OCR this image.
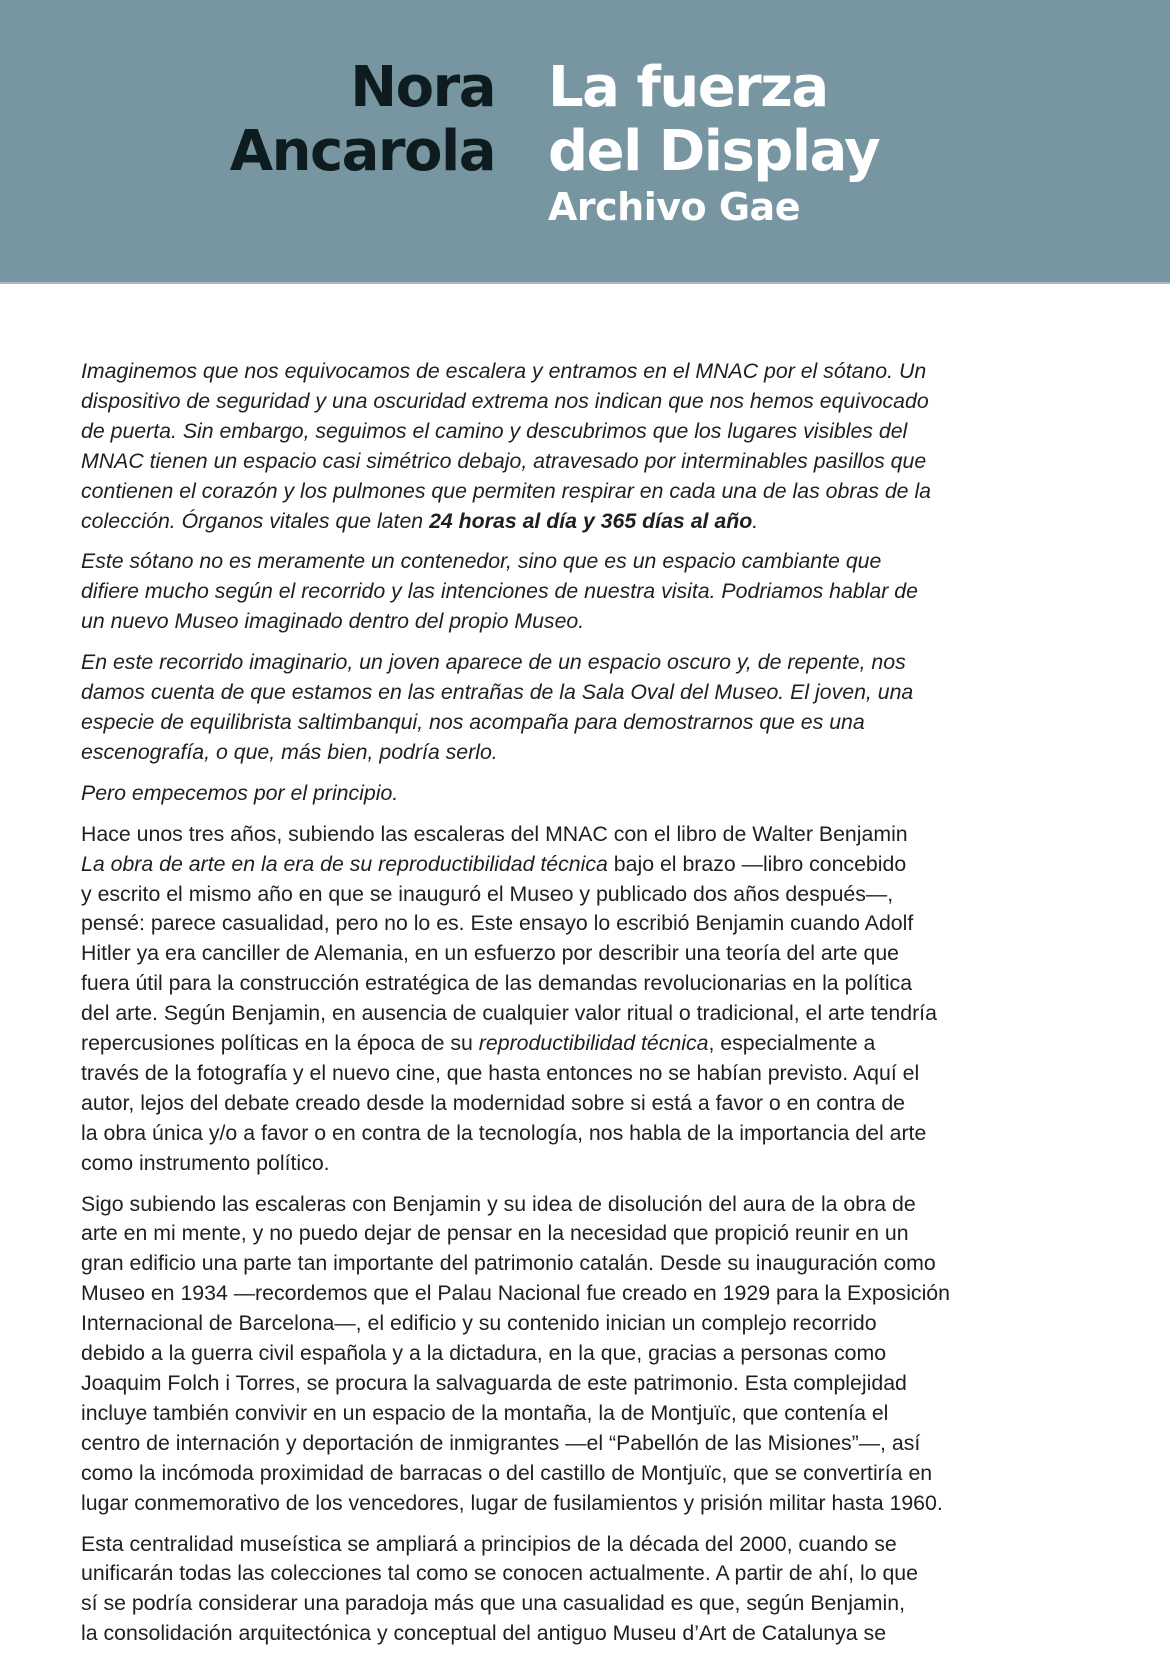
Nora
Ancarola
La fuerza
del Display
Archivo Gae

Imaginemos que nos equivocamos de escalera y entramos en el MNAC por el sótano. Un
dispositivo de seguridad y una oscuridad extrema nos indican que nos hemos equivocado
de puerta. Sin embargo, seguimos el camino y descubrimos que los lugares visibles del
MNAC tienen un espacio casi simétrico debajo, atravesado por interminables pasillos que
contienen el corazón y los pulmones que permiten respirar en cada una de las obras de la
colección. Órganos vitales que laten 24 horas al día y 365 días al año.

Este sótano no es meramente un contenedor, sino que es un espacio cambiante que
difiere mucho según el recorrido y las intenciones de nuestra visita. Podriamos hablar de
un nuevo Museo imaginado dentro del propio Museo.

En este recorrido imaginario, un joven aparece de un espacio oscuro y, de repente, nos
damos cuenta de que estamos en las entrañas de la Sala Oval del Museo. El joven, una
especie de equilibrista saltimbanqui, nos acompaña para demostrarnos que es una
escenografía, o que, más bien, podría serlo.

Pero empecemos por el principio.

Hace unos tres años, subiendo las escaleras del MNAC con el libro de Walter Benjamin
La obra de arte en la era de su reproductibilidad técnica bajo el brazo —libro concebido
y escrito el mismo año en que se inauguró el Museo y publicado dos años después—,
pensé: parece casualidad, pero no lo es. Este ensayo lo escribió Benjamin cuando Adolf
Hitler ya era canciller de Alemania, en un esfuerzo por describir una teoría del arte que
fuera útil para la construcción estratégica de las demandas revolucionarias en la política
del arte. Según Benjamin, en ausencia de cualquier valor ritual o tradicional, el arte tendría
repercusiones políticas en la época de su reproductibilidad técnica, especialmente a
través de la fotografía y el nuevo cine, que hasta entonces no se habían previsto. Aquí el
autor, lejos del debate creado desde la modernidad sobre si está a favor o en contra de
la obra única y/o a favor o en contra de la tecnología, nos habla de la importancia del arte
como instrumento político.

Sigo subiendo las escaleras con Benjamin y su idea de disolución del aura de la obra de
arte en mi mente, y no puedo dejar de pensar en la necesidad que propició reunir en un
gran edificio una parte tan importante del patrimonio catalán. Desde su inauguración como
Museo en 1934 —recordemos que el Palau Nacional fue creado en 1929 para la Exposición
Internacional de Barcelona—, el edificio y su contenido inician un complejo recorrido
debido a la guerra civil española y a la dictadura, en la que, gracias a personas como
Joaquim Folch i Torres, se procura la salvaguarda de este patrimonio. Esta complejidad
incluye también convivir en un espacio de la montaña, la de Montjuïc, que contenía el
centro de internación y deportación de inmigrantes —el “Pabellón de las Misiones”—, así
como la incómoda proximidad de barracas o del castillo de Montjuïc, que se convertiría en
lugar conmemorativo de los vencedores, lugar de fusilamientos y prisión militar hasta 1960.

Esta centralidad museística se ampliará a principios de la década del 2000, cuando se
unificarán todas las colecciones tal como se conocen actualmente. A partir de ahí, lo que
sí se podría considerar una paradoja más que una casualidad es que, según Benjamin,
la consolidación arquitectónica y conceptual del antiguo Museu d’Art de Catalunya se
